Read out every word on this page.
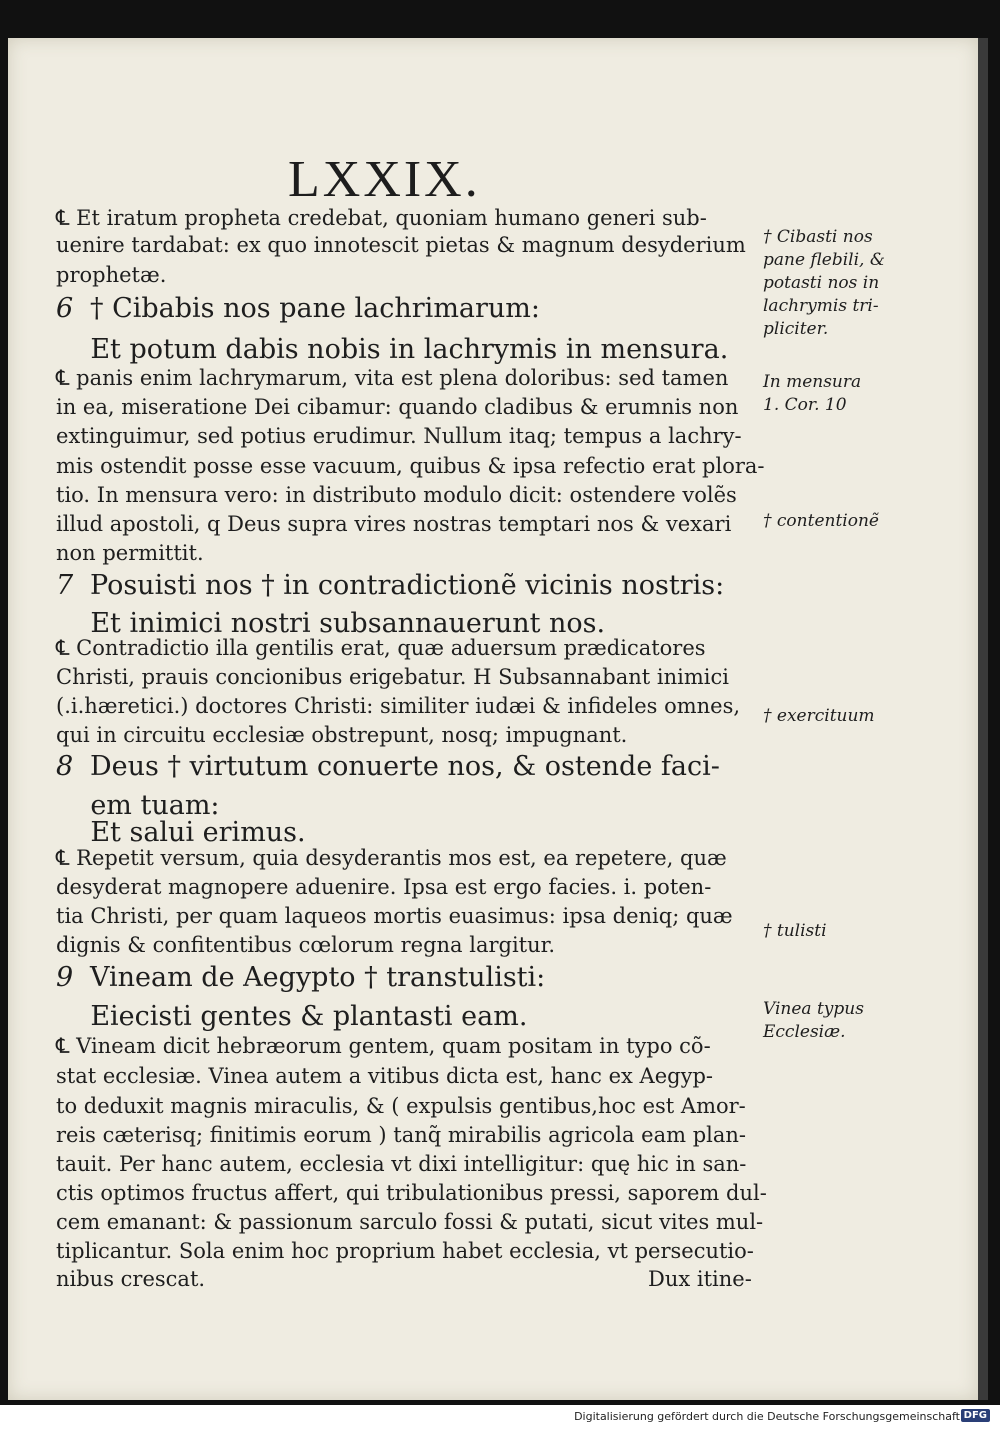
LXXIX.
℄ Et iratum propheta credebat, quoniam humano generi sub-
uenire tardabat: ex quo innotescit pietas & magnum desyderium
prophetæ.
6 † Cibabis nos pane lachrimarum:
Et potum dabis nobis in lachrymis in mensura.
℄ panis enim lachrymarum, vita est plena doloribus: sed tamen
in ea, miseratione Dei cibamur: quando cladibus & erumnis non
extinguimur, sed potius erudimur. Nullum itaq; tempus a lachry-
mis ostendit posse esse vacuum, quibus & ipsa refectio erat plora-
tio. In mensura vero: in distributo modulo dicit: ostendere volẽs
illud apostoli, q Deus supra vires nostras temptari nos & vexari
non permittit.
7 Posuisti nos † in contradictionẽ vicinis nostris:
Et inimici nostri subsannauerunt nos.
℄ Contradictio illa gentilis erat, quæ aduersum prædicatores
Christi, prauis concionibus erigebatur. H Subsannabant inimici
(.i.hæretici.) doctores Christi: similiter iudæi & infideles omnes,
qui in circuitu ecclesiæ obstrepunt, nosq; impugnant.
8 Deus † virtutum conuerte nos, & ostende faci-
em tuam:
Et salui erimus.
℄ Repetit versum, quia desyderantis mos est, ea repetere, quæ
desyderat magnopere aduenire. Ipsa est ergo facies. i. poten-
tia Christi, per quam laqueos mortis euasimus: ipsa deniq; quæ
dignis & confitentibus cœlorum regna largitur.
9 Vineam de Aegypto † transtulisti:
Eiecisti gentes & plantasti eam.
℄ Vineam dicit hebræorum gentem, quam positam in typo cõ-
stat ecclesiæ. Vinea autem a vitibus dicta est, hanc ex Aegyp-
to deduxit magnis miraculis, & ( expulsis gentibus,hoc est Amor-
reis cæterisq; finitimis eorum ) tanq̃ mirabilis agricola eam plan-
tauit. Per hanc autem, ecclesia vt dixi intelligitur: quę hic in san-
ctis optimos fructus affert, qui tribulationibus pressi, saporem dul-
cem emanant: & passionum sarculo fossi & putati, sicut vites mul-
tiplicantur. Sola enim hoc proprium habet ecclesia, vt persecutio-
nibus crescat.	Dux itine-
† Cibasti nos
pane flebili, &
potasti nos in
lachrymis tri-
pliciter.
In mensura
1. Cor. 10
† contentionẽ
† exercituum
† tulisti
Vinea typus
Ecclesiæ.
Digitalisierung gefördert durch die Deutsche Forschungsgemeinschaft DFG
